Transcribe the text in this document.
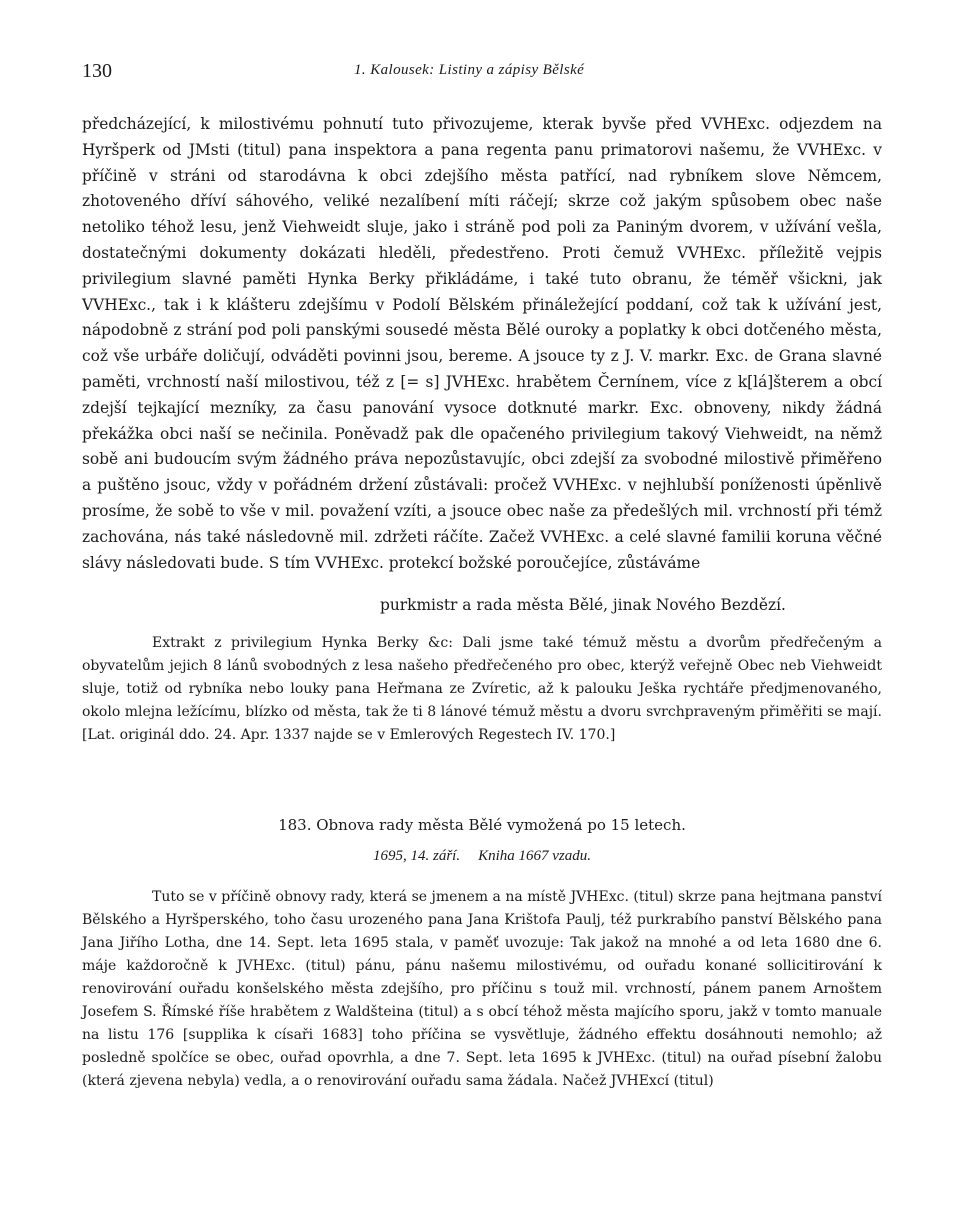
130	1. Kalousek: Listiny a zápisy Bělské

předcházející, k milostivému pohnutí tuto přivozujeme, kterak byvše před VVHExc. odjezdem na Hyršperk od JMsti (titul) pana inspektora a pana regenta panu primatorovi našemu, že VVHExc. v příčině v stráni od starodávna k obci zdejšího města patřící, nad rybníkem slove Němcem, zhotoveného dříví sáhového, veliké nezalíbení míti ráčejí; skrze což jakým spůsobem obec naše netoliko téhož lesu, jenž Viehweidt sluje, jako i stráně pod poli za Paniným dvorem, v užívání vešla, dostatečnými dokumenty dokázati hleděli, předestřeno. Proti čemuž VVHExc. příležitě vejpis privilegium slavné paměti Hynka Berky přikládáme, i také tuto obranu, že téměř všickni, jak VVHExc., tak i k klášteru zdejšímu v Podolí Bělském přináležející poddaní, což tak k užívání jest, nápodobně z strání pod poli panskými sousedé města Bělé ouroky a poplatky k obci dotčeného města, což vše urbáře doličují, odváděti povinni jsou, bereme. A jsouce ty z J. V. markr. Exc. de Grana slavné paměti, vrchností naší milostivou, též z [= s] JVHExc. hrabětem Černínem, více z k[lá]šterem a obcí zdejší tejkající mezníky, za času panování vysoce dotknuté markr. Exc. obnoveny, nikdy žádná překážka obci naší se nečinila. Poněvadž pak dle opačeného privilegium takový Viehweidt, na němž sobě ani budoucím svým žádného práva nepozůstavujíc, obci zdejší za svobodné milostivě přiměřeno a puštěno jsouc, vždy v pořádném držení zůstávali: pročež VVHExc. v nejhlubší poníženosti úpěnlivě prosíme, že sobě to vše v mil. považení vzíti, a jsouce obec naše za předešlých mil. vrchností při témž zachována, nás také následovně mil. zdržeti ráčíte. Začež VVHExc. a celé slavné familii koruna věčné slávy následovati bude. S tím VVHExc. protekcí božské poroučejíce, zůstáváme

purkmistr a rada města Bělé, jinak Nového Bezdězí.

Extrakt z privilegium Hynka Berky &c: Dali jsme také témuž městu a dvorům předřečeným a obyvatelům jejich 8 lánů svobodných z lesa našeho předřečeného pro obec, kterýž veřejně Obec neb Viehweidt sluje, totiž od rybníka nebo louky pana Heřmana ze Zvíretic, až k palouku Ješka rychtáře předjmenovaného, okolo mlejna ležícímu, blízko od města, tak že ti 8 lánové témuž městu a dvoru svrchpraveným přiměřiti se mají. [Lat. originál ddo. 24. Apr. 1337 najde se v Emlerových Regestech IV. 170.]

183. Obnova rady města Bělé vymožená po 15 letech.
1695, 14. září. Kniha 1667 vzadu.

Tuto se v příčině obnovy rady, která se jmenem a na místě JVHExc. (titul) skrze pana hejtmana panství Bělského a Hyršperského, toho času urozeného pana Jana Krištofa Paulj, též purkrabího panství Bělského pana Jana Jiřího Lotha, dne 14. Sept. leta 1695 stala, v paměť uvozuje: Tak jakož na mnohé a od leta 1680 dne 6. máje každoročně k JVHExc. (titul) pánu, pánu našemu milostivému, od ouřadu konané sollicitirování k renovirování ouřadu konšelského města zdejšího, pro příčinu s touž mil. vrchností, pánem panem Arnoštem Josefem S. Římské říše hrabětem z Waldšteina (titul) a s obcí téhož města majícího sporu, jakž v tomto manuale na listu 176 [supplika k císaři 1683] toho příčina se vysvětluje, žádného effektu dosáhnouti nemohlo; až posledně spolčíce se obec, ouřad opovrhla, a dne 7. Sept. leta 1695 k JVHExc. (titul) na ouřad písební žalobu (která zjevena nebyla) vedla, a o renovirování ouřadu sama žádala. Načež JVHExcí (titul)
